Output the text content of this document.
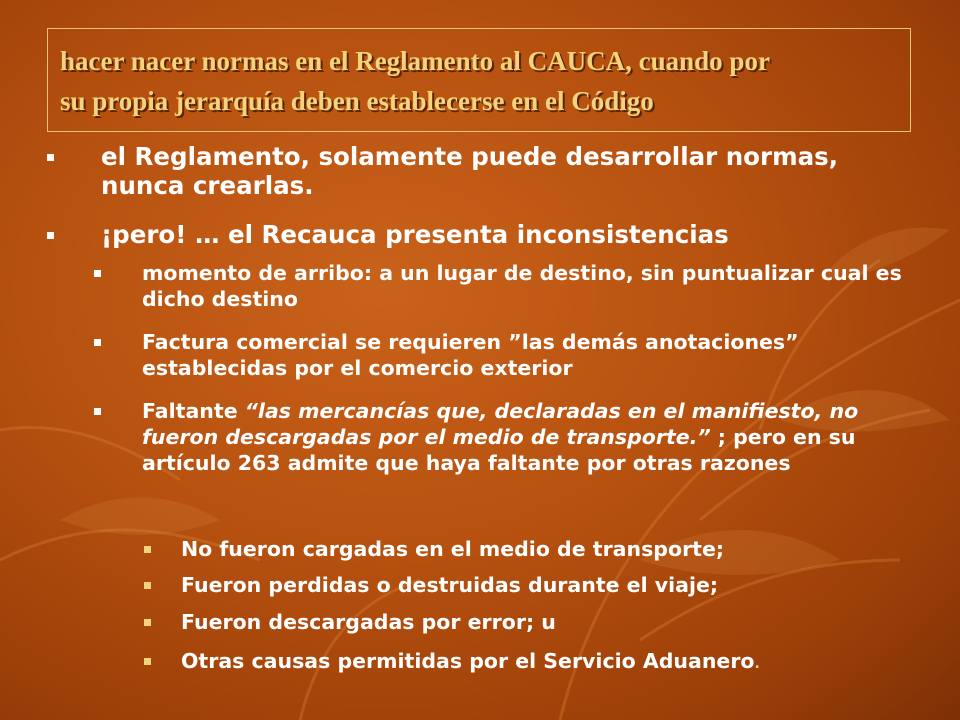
hacer nacer normas en el Reglamento al CAUCA, cuando por
su propia jerarquía deben establecerse en el Código

el Reglamento, solamente puede desarrollar normas, nunca crearlas.
¡pero! … el Recauca presenta inconsistencias
momento de arribo: a un lugar de destino, sin puntualizar cual es dicho destino
Factura comercial se requieren ”las demás anotaciones” establecidas por el comercio exterior
Faltante “las mercancías que, declaradas en el manifiesto, no fueron descargadas por el medio de transporte.” ; pero en su artículo 263 admite que haya faltante por otras razones
No fueron cargadas en el medio de transporte;
Fueron perdidas o destruidas durante el viaje;
Fueron descargadas por error; u
Otras causas permitidas por el Servicio Aduanero.
